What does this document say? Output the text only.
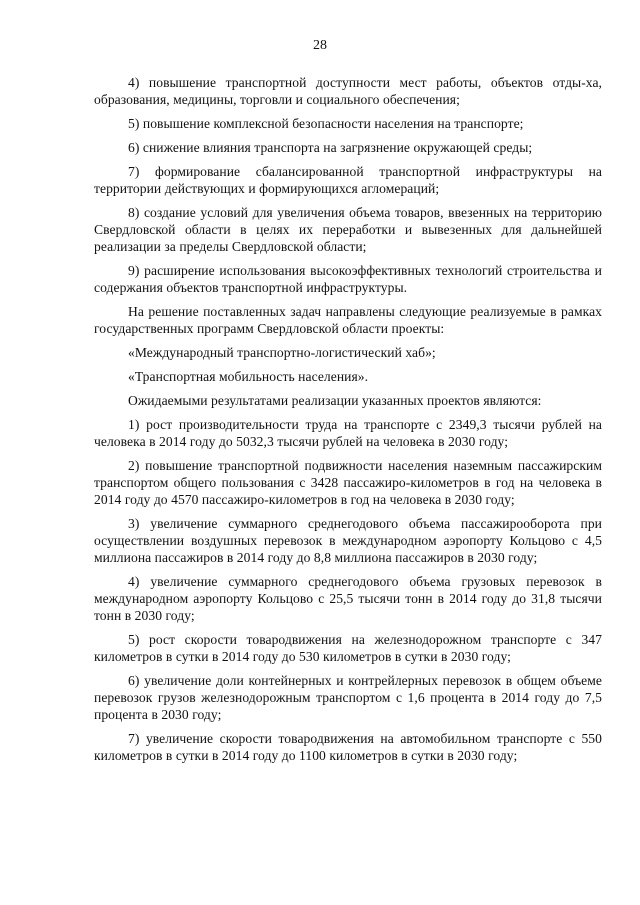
28

4) повышение транспортной доступности мест работы, объектов отды-ха, образования, медицины, торговли и социального обеспечения;

5) повышение комплексной безопасности населения на транспорте;

6) снижение влияния транспорта на загрязнение окружающей среды;

7) формирование сбалансированной транспортной инфраструктуры на территории действующих и формирующихся агломераций;

8) создание условий для увеличения объема товаров, ввезенных на территорию Свердловской области в целях их переработки и вывезенных для дальнейшей реализации за пределы Свердловской области;

9) расширение использования высокоэффективных технологий строительства и содержания объектов транспортной инфраструктуры.

На решение поставленных задач направлены следующие реализуемые в рамках государственных программ Свердловской области проекты:

«Международный транспортно-логистический хаб»;

«Транспортная мобильность населения».

Ожидаемыми результатами реализации указанных проектов являются:

1) рост производительности труда на транспорте с 2349,3 тысячи рублей на человека в 2014 году до 5032,3 тысячи рублей на человека в 2030 году;

2) повышение транспортной подвижности населения наземным пассажирским транспортом общего пользования с 3428 пассажиро-километров в год на человека в 2014 году до 4570 пассажиро-километров в год на человека в 2030 году;

3) увеличение суммарного среднегодового объема пассажирооборота при осуществлении воздушных перевозок в международном аэропорту Кольцово с 4,5 миллиона пассажиров в 2014 году до 8,8 миллиона пассажиров в 2030 году;

4) увеличение суммарного среднегодового объема грузовых перевозок в международном аэропорту Кольцово с 25,5 тысячи тонн в 2014 году до 31,8 тысячи тонн в 2030 году;

5) рост скорости товародвижения на железнодорожном транспорте с 347 километров в сутки в 2014 году до 530 километров в сутки в 2030 году;

6) увеличение доли контейнерных и контрейлерных перевозок в общем объеме перевозок грузов железнодорожным транспортом с 1,6 процента в 2014 году до 7,5 процента в 2030 году;

7) увеличение скорости товародвижения на автомобильном транспорте с 550 километров в сутки в 2014 году до 1100 километров в сутки в 2030 году;
